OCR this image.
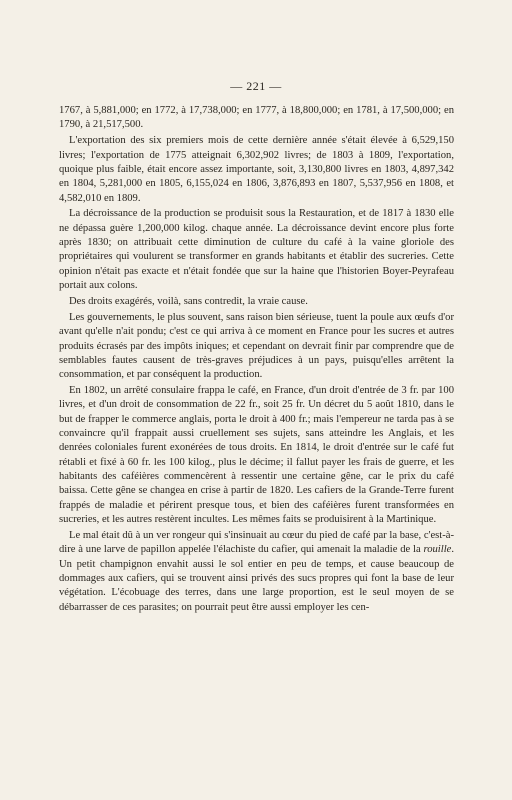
— 221 —

1767, à 5,881,000; en 1772, à 17,738,000; en 1777, à 18,800,000; en 1781, à 17,500,000; en 1790, à 21,517,500.

L'exportation des six premiers mois de cette dernière année s'était élevée à 6,529,150 livres; l'exportation de 1775 atteignait 6,302,902 livres; de 1803 à 1809, l'exportation, quoique plus faible, était encore assez importante, soit, 3,130,800 livres en 1803, 4,897,342 en 1804, 5,281,000 en 1805, 6,155,024 en 1806, 3,876,893 en 1807, 5,537,956 en 1808, et 4,582,010 en 1809.

La décroissance de la production se produisit sous la Restauration, et de 1817 à 1830 elle ne dépassa guère 1,200,000 kilog. chaque année. La décroissance devint encore plus forte après 1830; on attribuait cette diminution de culture du café à la vaine gloriole des propriétaires qui voulurent se transformer en grands habitants et établir des sucreries. Cette opinion n'était pas exacte et n'était fondée que sur la haine que l'historien Boyer-Peyrafeau portait aux colons.

Des droits exagérés, voilà, sans contredit, la vraie cause.

Les gouvernements, le plus souvent, sans raison bien sérieuse, tuent la poule aux œufs d'or avant qu'elle n'ait pondu; c'est ce qui arriva à ce moment en France pour les sucres et autres produits écrasés par des impôts iniques; et cependant on devrait finir par comprendre que de semblables fautes causent de très-graves préjudices à un pays, puisqu'elles arrêtent la consommation, et par conséquent la production.

En 1802, un arrêté consulaire frappa le café, en France, d'un droit d'entrée de 3 fr. par 100 livres, et d'un droit de consommation de 22 fr., soit 25 fr. Un décret du 5 août 1810, dans le but de frapper le commerce anglais, porta le droit à 400 fr.; mais l'empereur ne tarda pas à se convaincre qu'il frappait aussi cruellement ses sujets, sans atteindre les Anglais, et les denrées coloniales furent exonérées de tous droits. En 1814, le droit d'entrée sur le café fut rétabli et fixé à 60 fr. les 100 kilog., plus le décime; il fallut payer les frais de guerre, et les habitants des caféières commencèrent à ressentir une certaine gêne, car le prix du café baissa. Cette gêne se changea en crise à partir de 1820. Les cafiers de la Grande-Terre furent frappés de maladie et périrent presque tous, et bien des caféières furent transformées en sucreries, et les autres restèrent incultes. Les mêmes faits se produisirent à la Martinique.

Le mal était dû à un ver rongeur qui s'insinuait au cœur du pied de café par la base, c'est-à-dire à une larve de papillon appelée l'élachiste du cafier, qui amenait la maladie de la rouille. Un petit champignon envahit aussi le sol entier en peu de temps, et cause beaucoup de dommages aux cafiers, qui se trouvent ainsi privés des sucs propres qui font la base de leur végétation. L'écobuage des terres, dans une large proportion, est le seul moyen de se débarrasser de ces parasites; on pourrait peut être aussi employer les cen-
